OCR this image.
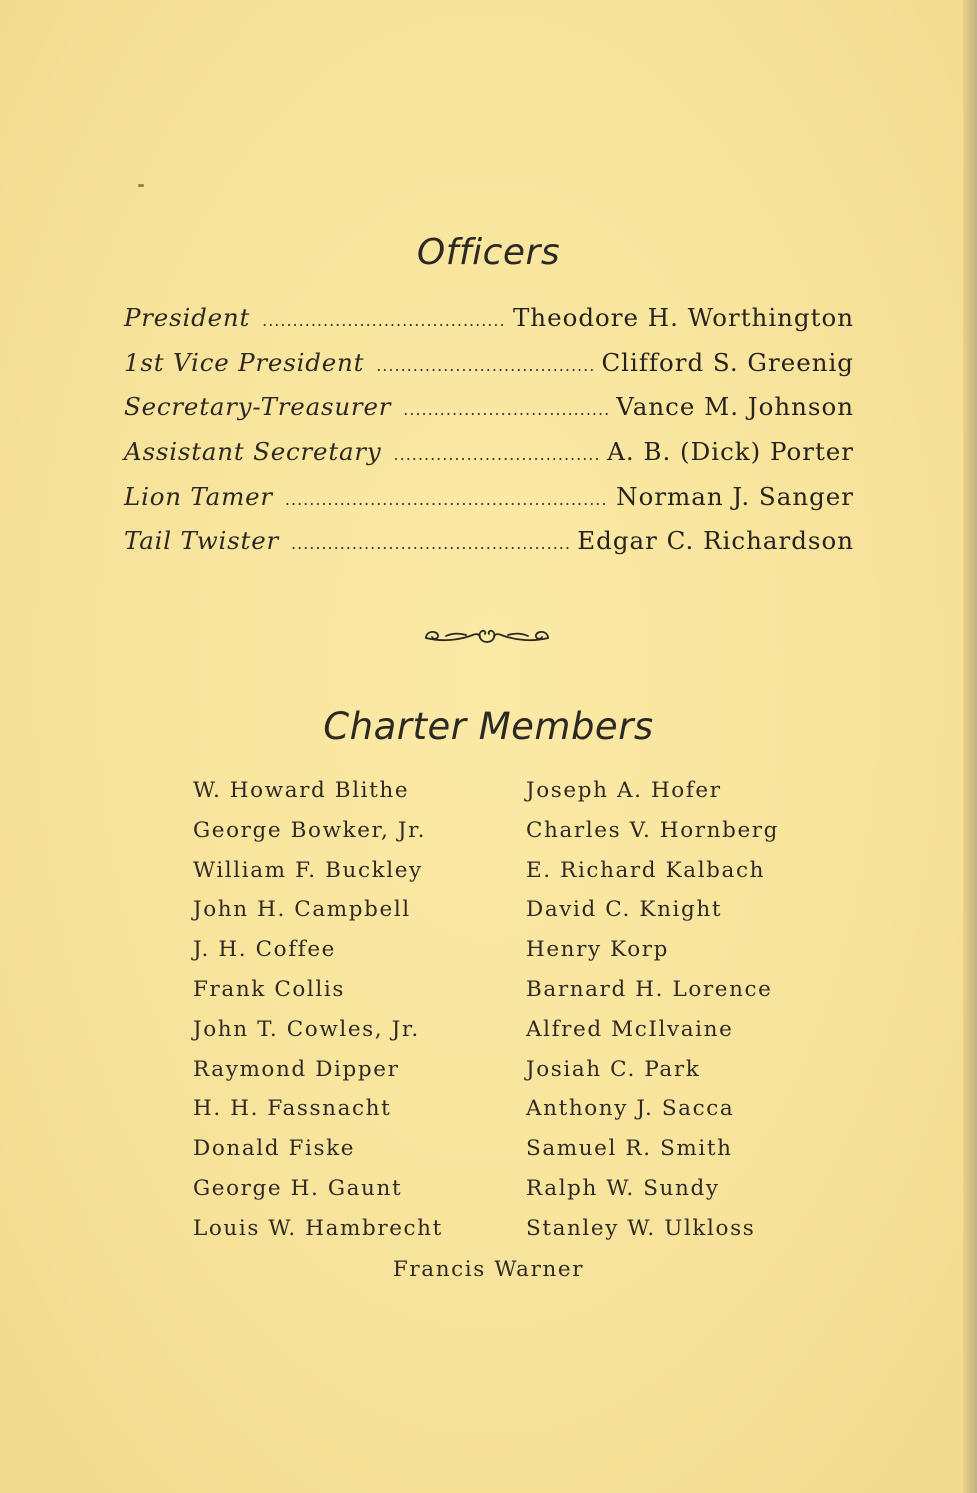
Officers
President .....	Theodore H. Worthington
1st Vice President .....	Clifford S. Greenig
Secretary-Treasurer .....	Vance M. Johnson
Assistant Secretary .....	A. B. (Dick) Porter
Lion Tamer .....	Norman J. Sanger
Tail Twister .....	Edgar C. Richardson
Charter Members
W. Howard Blithe
George Bowker, Jr.
William F. Buckley
John H. Campbell
J. H. Coffee
Frank Collis
John T. Cowles, Jr.
Raymond Dipper
H. H. Fassnacht
Donald Fiske
George H. Gaunt
Louis W. Hambrecht
Joseph A. Hofer
Charles V. Hornberg
E. Richard Kalbach
David C. Knight
Henry Korp
Barnard H. Lorence
Alfred McIlvaine
Josiah C. Park
Anthony J. Sacca
Samuel R. Smith
Ralph W. Sundy
Stanley W. Ulkloss
Francis Warner
